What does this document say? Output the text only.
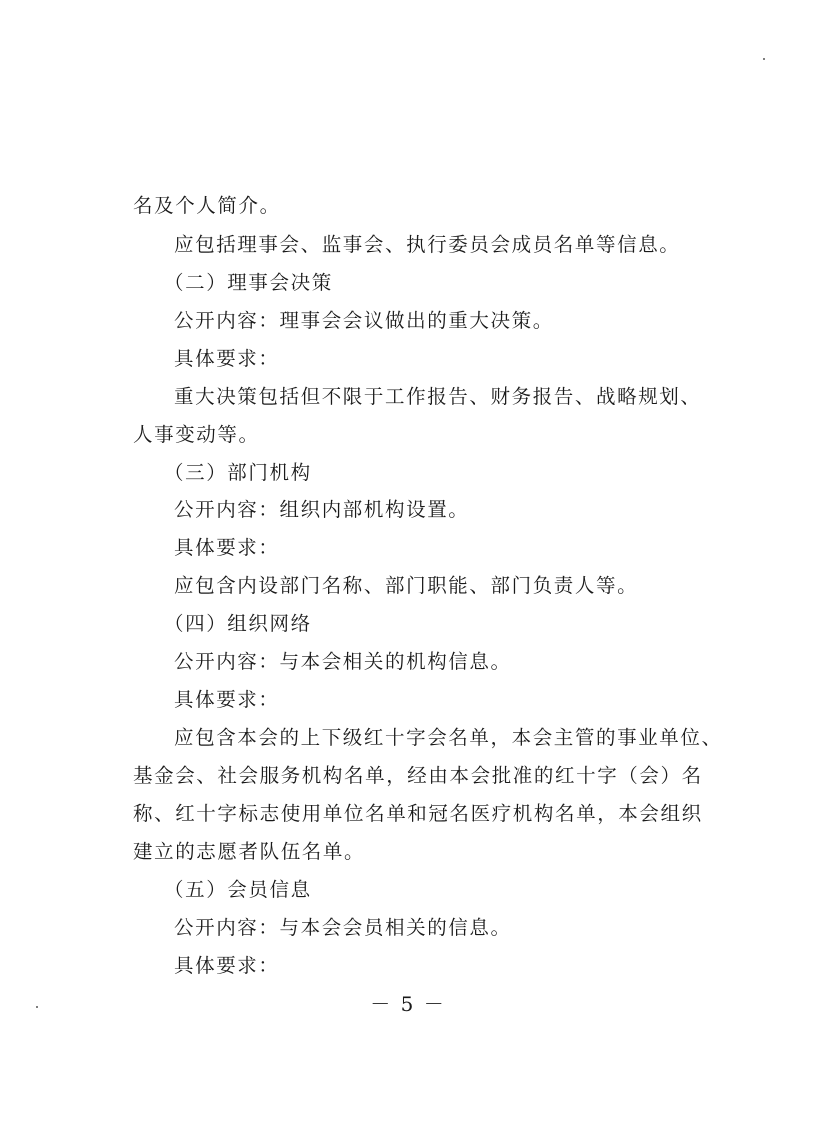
名及个人简介。
应包括理事会、监事会、执行委员会成员名单等信息。
（二）理事会决策
公开内容：理事会会议做出的重大决策。
具体要求：
重大决策包括但不限于工作报告、财务报告、战略规划、
人事变动等。
（三）部门机构
公开内容：组织内部机构设置。
具体要求：
应包含内设部门名称、部门职能、部门负责人等。
（四）组织网络
公开内容：与本会相关的机构信息。
具体要求：
应包含本会的上下级红十字会名单，本会主管的事业单位、
基金会、社会服务机构名单，经由本会批准的红十字（会）名
称、红十字标志使用单位名单和冠名医疗机构名单，本会组织
建立的志愿者队伍名单。
（五）会员信息
公开内容：与本会会员相关的信息。
具体要求：
－ 5 －
